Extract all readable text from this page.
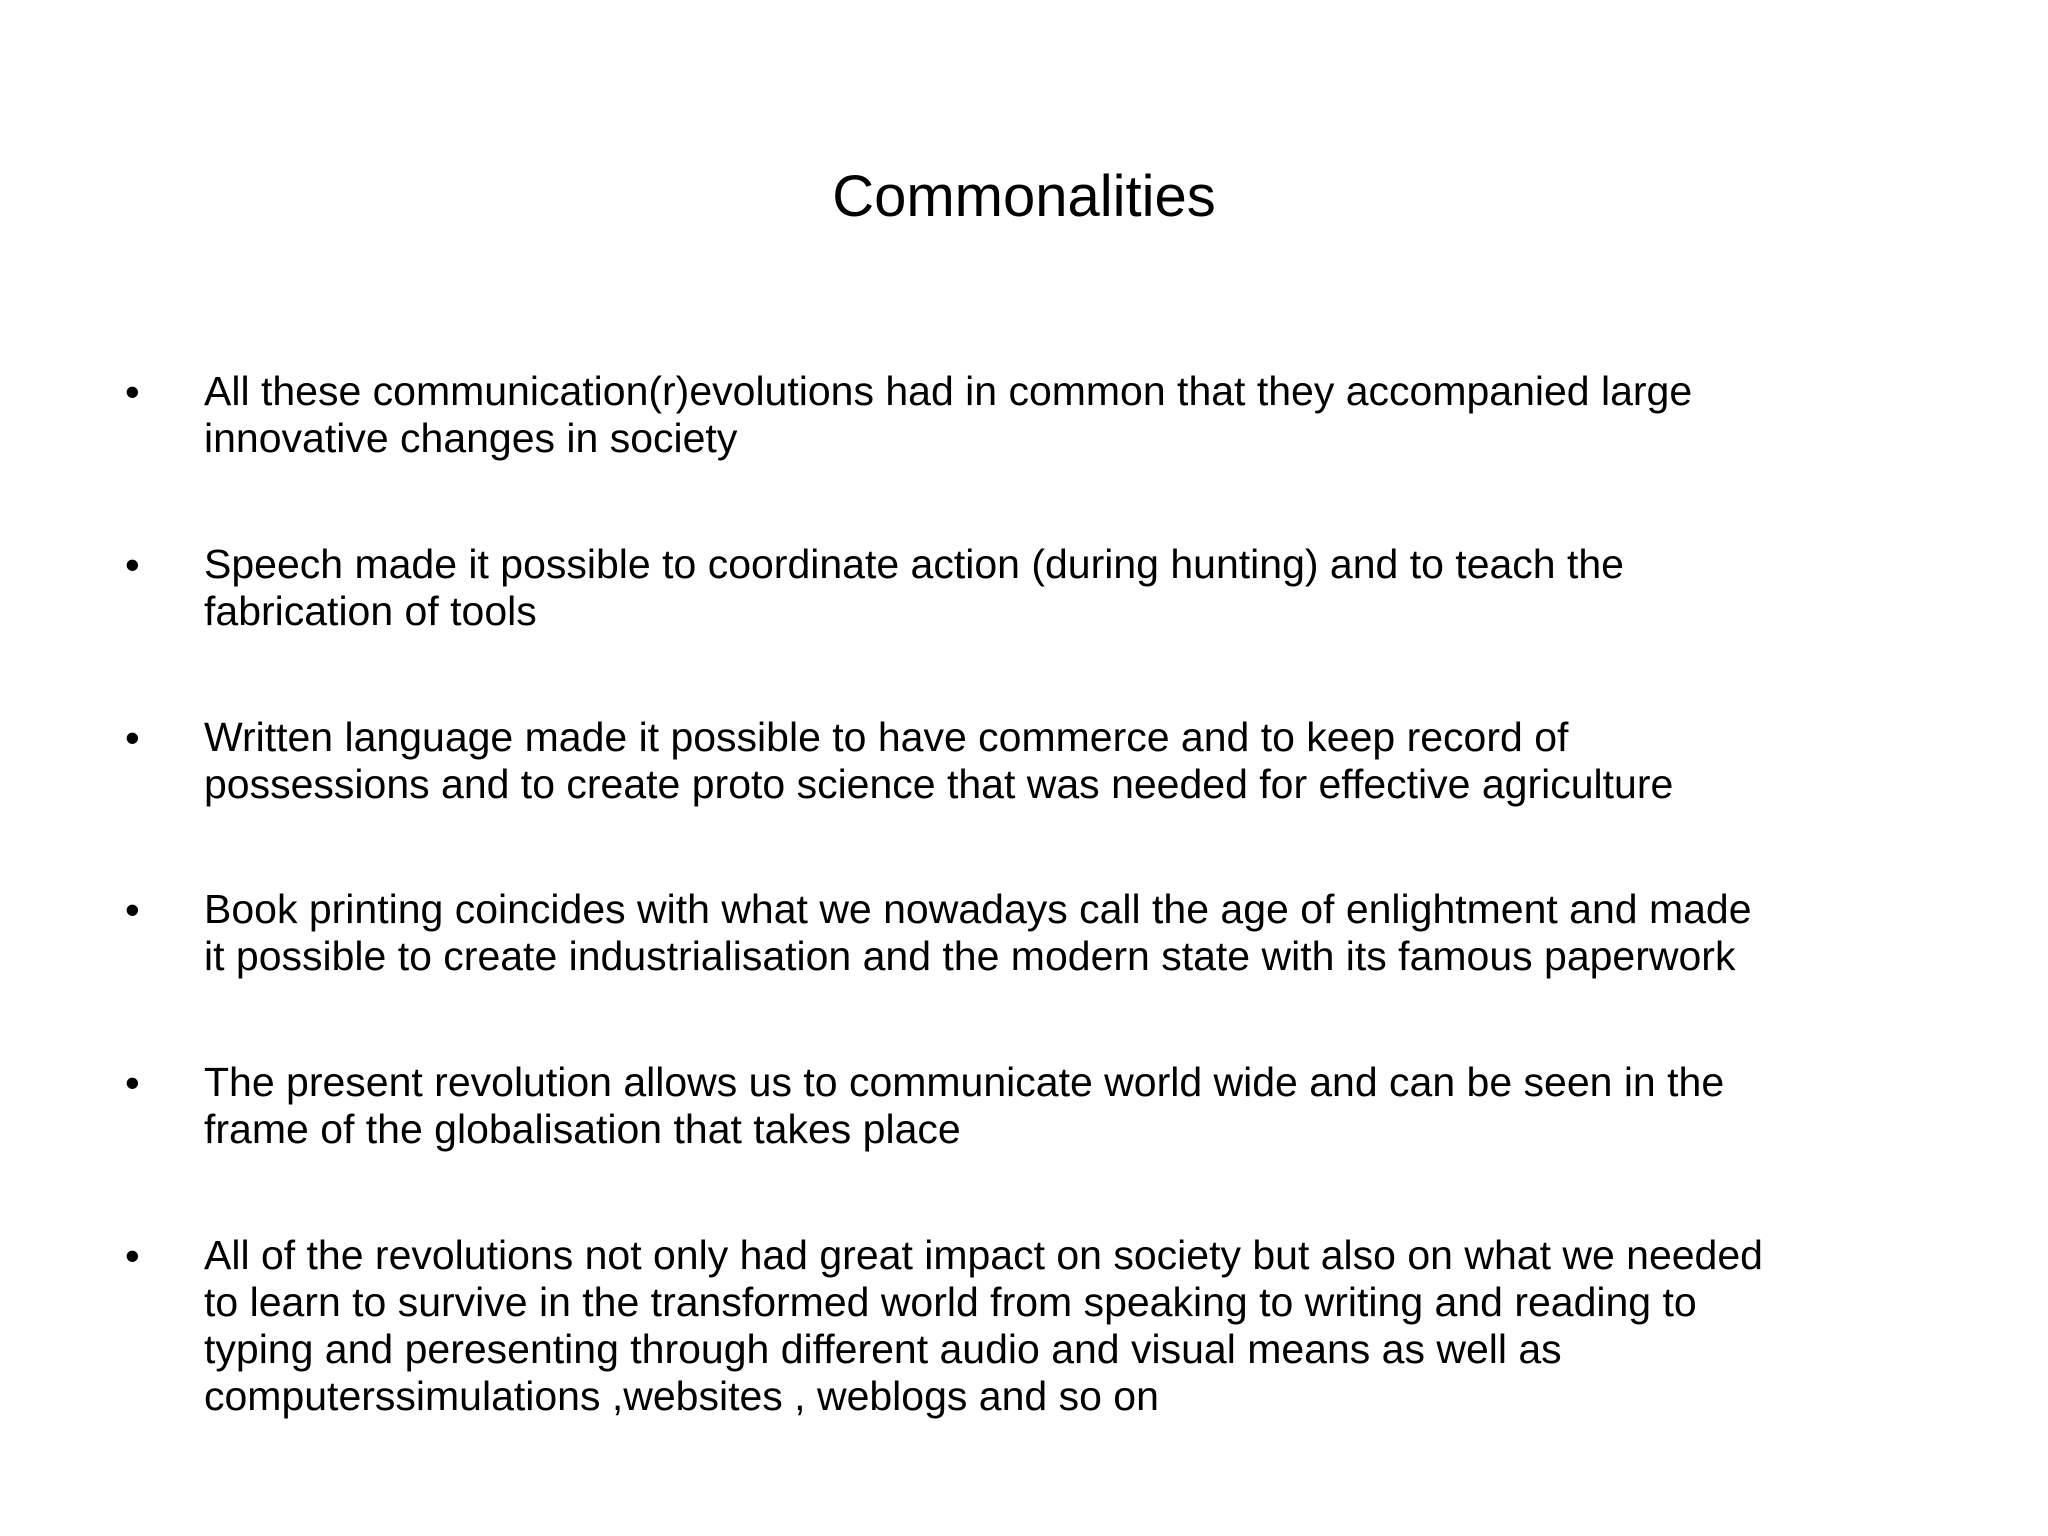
Commonalities
• All these communication(r)evolutions had in common that they accompanied large
innovative changes in society
• Speech made it possible to coordinate action (during hunting) and to teach the
fabrication of tools
• Written language made it possible to have commerce and to keep record of
possessions and to create proto science that was needed for effective agriculture
• Book printing coincides with what we nowadays call the age of enlightment and made
it possible to create industrialisation and the modern state with its famous paperwork
• The present revolution allows us to communicate world wide and can be seen in the
frame of the globalisation that takes place
• All of the revolutions not only had great impact on society but also on what we needed
to learn to survive in the transformed world from speaking to writing and reading to
typing and peresenting through different audio and visual means as well as
computerssimulations ,websites , weblogs and so on
